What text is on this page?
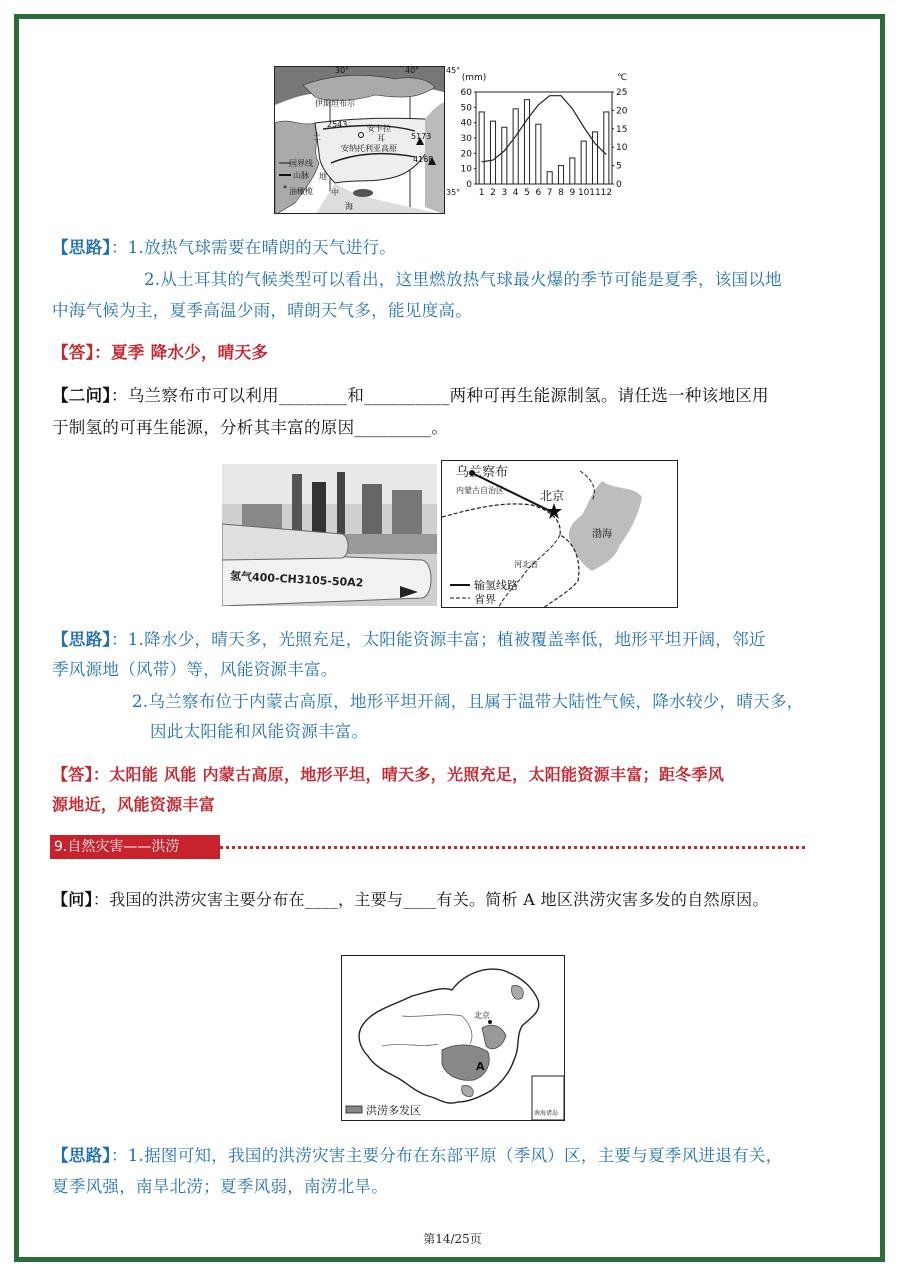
*
30°	40°
伊斯坦布尔
2543 安卡拉
土	耳	5173
安纳托利亚高原
4168
地
中
海
国界线
山脉
油橄榄
45°
35°
(mm)	℃
60
50
40
30
20
10
0
25
20
15
10
5
0
1 2 3 4 5 6 7 8 9 10 11 12
【思路】：1.放热气球需要在晴朗的天气进行。
2.从土耳其的气候类型可以看出，这里燃放热气球最火爆的季节可能是夏季，该国以地
中海气候为主，夏季高温少雨，晴朗天气多，能见度高。
【答】：夏季 降水少，晴天多
【二问】：乌兰察布市可以利用________和__________两种可再生能源制氢。请任选一种该地区用
于制氢的可再生能源，分析其丰富的原因_________。
氢气400-CH3105-50A2
乌兰察布
内蒙古自治区	北京
渤海
河北省
输氢线路
省界
【思路】：1.降水少，晴天多，光照充足，太阳能资源丰富；植被覆盖率低，地形平坦开阔，邻近
季风源地（风带）等，风能资源丰富。
2.乌兰察布位于内蒙古高原，地形平坦开阔，且属于温带大陆性气候，降水较少，晴天多，
因此太阳能和风能资源丰富。
【答】：太阳能 风能 内蒙古高原，地形平坦，晴天多，光照充足，太阳能资源丰富；距冬季风
源地近，风能资源丰富
9.自然灾害——洪涝
【问】：我国的洪涝灾害主要分布在____，主要与____有关。简析 A 地区洪涝灾害多发的自然原因。
北京
A
洪涝多发区	南海诸岛
【思路】：1.据图可知，我国的洪涝灾害主要分布在东部平原（季风）区，主要与夏季风进退有关，
夏季风强，南旱北涝；夏季风弱，南涝北旱。
第14/25页
